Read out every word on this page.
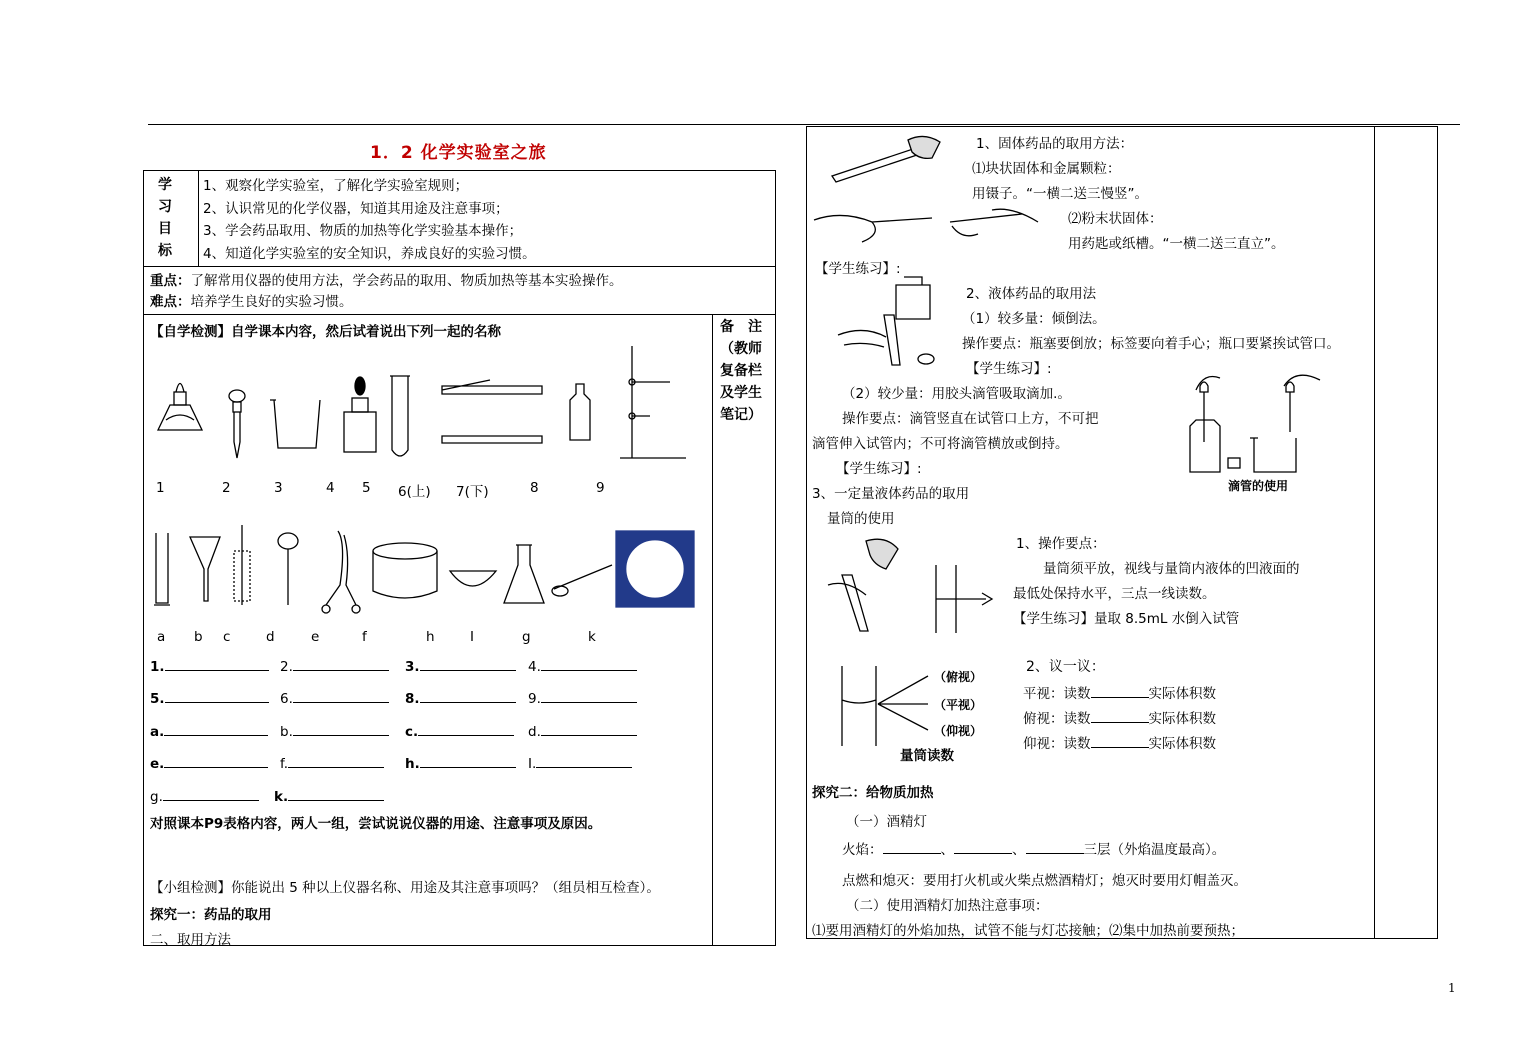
1．2 化学实验室之旅
学
习
目
标
1、观察化学实验室，了解化学实验室规则；
2、认识常见的化学仪器，知道其用途及注意事项；
3、学会药品取用、物质的加热等化学实验基本操作；
4、知道化学实验室的安全知识，养成良好的实验习惯。
重点：了解常用仪器的使用方法，学会药品的取用、物质加热等基本实验操作。
难点：培养学生良好的实验习惯。
备　注
（教师
复备栏
及学生
笔记）
【自学检测】自学课本内容，然后试着说出下列一起的名称
1	2	3	4 5 6(上) 7(下)	8	9
a b c	d	e	f	h	I	g	k
1.	2.	3.	4.
5.	6.	8.	9.
a.	b.	c.	d.
e.	f.	h.	I.
g.	k.
对照课本P9表格内容，两人一组，尝试说说仪器的用途、注意事项及原因。
【小组检测】你能说出 5 种以上仪器名称、用途及其注意事项吗？（组员相互检查）。
探究一：药品的取用
二、取用方法
1、固体药品的取用方法：
⑴块状固体和金属颗粒：
用镊子。“一横二送三慢竖”。
⑵粉末状固体：
用药匙或纸槽。“一横二送三直立”。
【学生练习】:
2、液体药品的取用法
（1）较多量：倾倒法。
操作要点：瓶塞要倒放；标签要向着手心；瓶口要紧挨试管口。
【学生练习】:
（2）较少量：用胶头滴管吸取滴加.。
操作要点：滴管竖直在试管口上方，不可把
滴管伸入试管内；不可将滴管横放或倒持。
滴管的使用
【学生练习】:
3、一定量液体药品的取用
量筒的使用
1、操作要点：
量筒须平放，视线与量筒内液体的凹液面的
最低处保持水平，三点一线读数。
【学生练习】量取 8.5mL 水倒入试管
（俯视）
（平视）
（仰视）
量筒读数
2、议一议：
平视：读数	实际体积数
俯视：读数	实际体积数
仰视：读数	实际体积数
探究二：给物质加热
（一）酒精灯
火焰：	、	、	三层（外焰温度最高）。
点燃和熄灭：要用打火机或火柴点燃酒精灯；熄灭时要用灯帽盖灭。
（二）使用酒精灯加热注意事项：
⑴要用酒精灯的外焰加热，试管不能与灯芯接触；⑵集中加热前要预热；
1
